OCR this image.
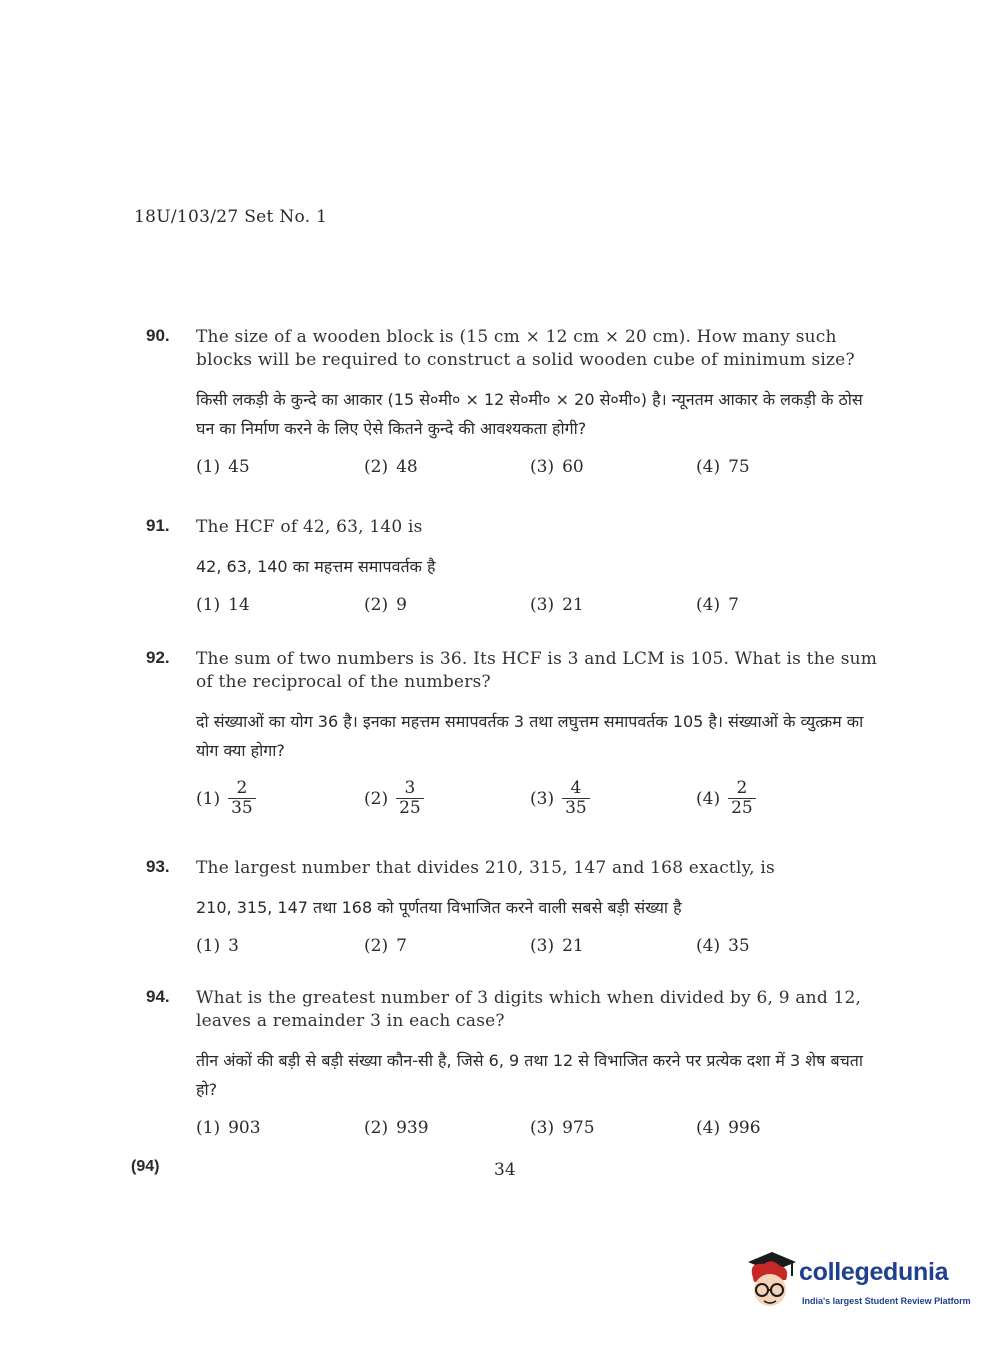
18U/103/27 Set No. 1
90. The size of a wooden block is (15 cm × 12 cm × 20 cm). How many such blocks will be required to construct a solid wooden cube of minimum size?

किसी लकड़ी के कुन्दे का आकार (15 से०मी० × 12 से०मी० × 20 से०मी०) है। न्यूनतम आकार के लकड़ी के ठोस घन का निर्माण करने के लिए ऐसे कितने कुन्दे की आवश्यकता होगी?

(1) 45	(2) 48	(3) 60	(4) 75
91. The HCF of 42, 63, 140 is

42, 63, 140 का महत्तम समापवर्तक है

(1) 14	(2) 9	(3) 21	(4) 7
92. The sum of two numbers is 36. Its HCF is 3 and LCM is 105. What is the sum of the reciprocal of the numbers?

दो संख्याओं का योग 36 है। इनका महत्तम समापवर्तक 3 तथा लघुत्तम समापवर्तक 105 है। संख्याओं के व्युत्क्रम का योग क्या होगा?

$(1) \frac{2}{35}$	$(2) \frac{3}{25}$	$(3) \frac{4}{35}$	$(4) \frac{2}{25}$
93. The largest number that divides 210, 315, 147 and 168 exactly, is

210, 315, 147 तथा 168 को पूर्णतया विभाजित करने वाली सबसे बड़ी संख्या है

(1) 3	(2) 7	(3) 21	(4) 35
94. What is the greatest number of 3 digits which when divided by 6, 9 and 12, leaves a remainder 3 in each case?

तीन अंकों की बड़ी से बड़ी संख्या कौन-सी है, जिसे 6, 9 तथा 12 से विभाजित करने पर प्रत्येक दशा में 3 शेष बचता हो?

(1) 903	(2) 939	(3) 975	(4) 996
(94)	34
collegedunia
India's largest Student Review Platform
